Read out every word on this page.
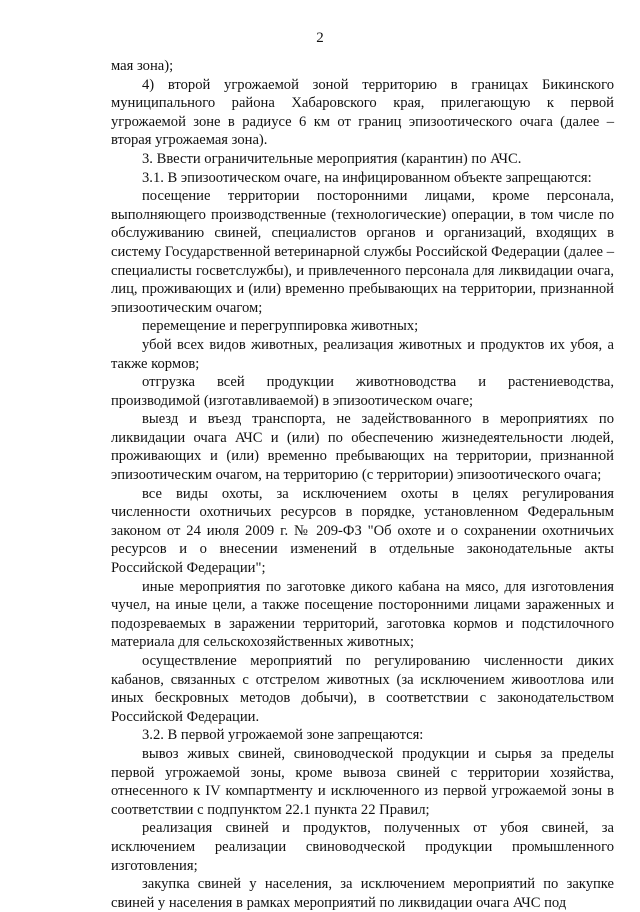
2

мая зона);

4) второй угрожаемой зоной территорию в границах Бикинского муниципального района Хабаровского края, прилегающую к первой угрожаемой зоне в радиусе 6 км от границ эпизоотического очага (далее – вторая угрожаемая зона).

3. Ввести ограничительные мероприятия (карантин) по АЧС.

3.1. В эпизоотическом очаге, на инфицированном объекте запрещаются:

посещение территории посторонними лицами, кроме персонала, выполняющего производственные (технологические) операции, в том числе по обслуживанию свиней, специалистов органов и организаций, входящих в систему Государственной ветеринарной службы Российской Федерации (далее – специалисты госветслужбы), и привлеченного персонала для ликвидации очага, лиц, проживающих и (или) временно пребывающих на территории, признанной эпизоотическим очагом;

перемещение и перегруппировка животных;

убой всех видов животных, реализация животных и продуктов их убоя, а также кормов;

отгрузка всей продукции животноводства и растениеводства, производимой (изготавливаемой) в эпизоотическом очаге;

выезд и въезд транспорта, не задействованного в мероприятиях по ликвидации очага АЧС и (или) по обеспечению жизнедеятельности людей, проживающих и (или) временно пребывающих на территории, признанной эпизоотическим очагом, на территорию (с территории) эпизоотического очага;

все виды охоты, за исключением охоты в целях регулирования численности охотничьих ресурсов в порядке, установленном Федеральным законом от 24 июля 2009 г. № 209-ФЗ "Об охоте и о сохранении охотничьих ресурсов и о внесении изменений в отдельные законодательные акты Российской Федерации";

иные мероприятия по заготовке дикого кабана на мясо, для изготовления чучел, на иные цели, а также посещение посторонними лицами зараженных и подозреваемых в заражении территорий, заготовка кормов и подстилочного материала для сельскохозяйственных животных;

осуществление мероприятий по регулированию численности диких кабанов, связанных с отстрелом животных (за исключением живоотлова или иных бескровных методов добычи), в соответствии с законодательством Российской Федерации.

3.2. В первой угрожаемой зоне запрещаются:

вывоз живых свиней, свиноводческой продукции и сырья за пределы первой угрожаемой зоны, кроме вывоза свиней с территории хозяйства, отнесенного к IV компартменту и исключенного из первой угрожаемой зоны в соответствии с подпунктом 22.1 пункта 22 Правил;

реализация свиней и продуктов, полученных от убоя свиней, за исключением реализации свиноводческой продукции промышленного изготовления;

закупка свиней у населения, за исключением мероприятий по закупке свиней у населения в рамках мероприятий по ликвидации очага АЧС под
